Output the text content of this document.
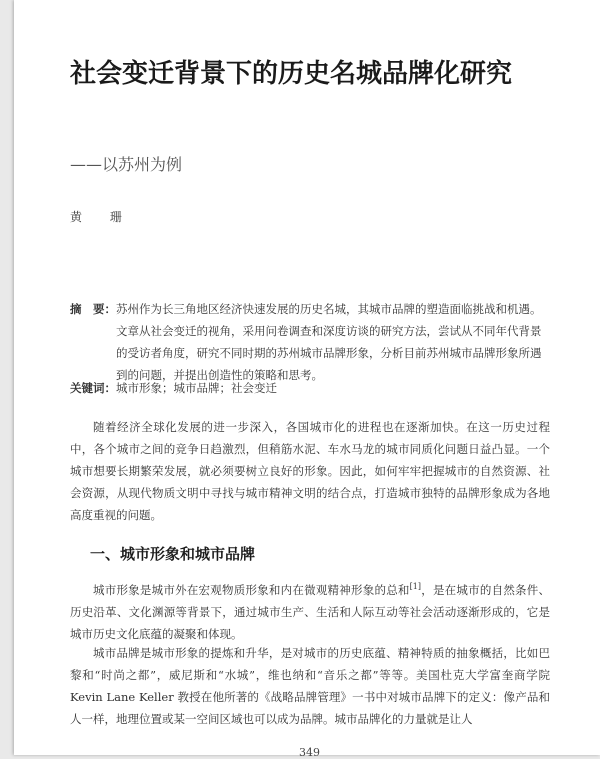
社会变迁背景下的历史名城品牌化研究
——以苏州为例
黄 珊
摘　要： 苏州作为长三角地区经济快速发展的历史名城，其城市品牌的塑造面临挑战和机遇。文章从社会变迁的视角，采用问卷调查和深度访谈的研究方法，尝试从不同年代背景的受访者角度，研究不同时期的苏州城市品牌形象，分析目前苏州城市品牌形象所遇到的问题，并提出创造性的策略和思考。
关键词：城市形象；城市品牌；社会变迁

随着经济全球化发展的进一步深入，各国城市化的进程也在逐渐加快。在这一历史过程中，各个城市之间的竞争日趋激烈，但稍筋水泥、车水马龙的城市同质化问题日益凸显。一个城市想要长期繁荣发展，就必须要树立良好的形象。因此，如何牢牢把握城市的自然资源、社会资源，从现代物质文明中寻找与城市精神文明的结合点，打造城市独特的品牌形象成为各地高度重视的问题。

一、城市形象和城市品牌

城市形象是城市外在宏观物质形象和内在微观精神形象的总和[1]，是在城市的自然条件、历史沿革、文化渊源等背景下，通过城市生产、生活和人际互动等社会活动逐渐形成的，它是城市历史文化底蕴的凝聚和体现。

城市品牌是城市形象的提炼和升华，是对城市的历史底蕴、精神特质的抽象概括，比如巴黎和“时尚之都”，威尼斯和“水城”，维也纳和“音乐之都”等等。美国杜克大学富奎商学院 Kevin Lane Keller 教授在他所著的《战略品牌管理》一书中对城市品牌下的定义：像产品和人一样，地理位置或某一空间区域也可以成为品牌。城市品牌化的力量就是让人

349
